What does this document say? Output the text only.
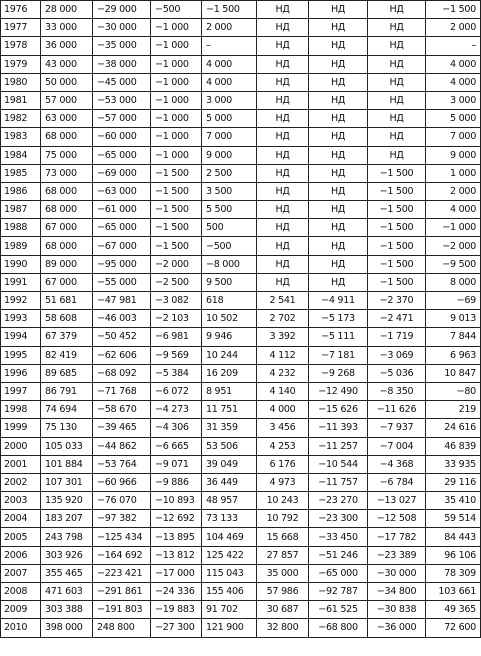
1976	28 000	−29 000	−500	−1 500	НД	НД	НД	−1 500
1977	33 000	−30 000	−1 000	2 000	НД	НД	НД	2 000
1978	36 000	−35 000	−1 000	–	НД	НД	НД	–
1979	43 000	−38 000	−1 000	4 000	НД	НД	НД	4 000
1980	50 000	−45 000	−1 000	4 000	НД	НД	НД	4 000
1981	57 000	−53 000	−1 000	3 000	НД	НД	НД	3 000
1982	63 000	−57 000	−1 000	5 000	НД	НД	НД	5 000
1983	68 000	−60 000	−1 000	7 000	НД	НД	НД	7 000
1984	75 000	−65 000	−1 000	9 000	НД	НД	НД	9 000
1985	73 000	−69 000	−1 500	2 500	НД	НД	−1 500	1 000
1986	68 000	−63 000	−1 500	3 500	НД	НД	−1 500	2 000
1987	68 000	−61 000	−1 500	5 500	НД	НД	−1 500	4 000
1988	67 000	−65 000	−1 500	500	НД	НД	−1 500	−1 000
1989	68 000	−67 000	−1 500	−500	НД	НД	−1 500	−2 000
1990	89 000	−95 000	−2 000	−8 000	НД	НД	−1 500	−9 500
1991	67 000	−55 000	−2 500	9 500	НД	НД	−1 500	8 000
1992	51 681	−47 981	−3 082	618	2 541	−4 911	−2 370	−69
1993	58 608	−46 003	−2 103	10 502	2 702	−5 173	−2 471	9 013
1994	67 379	−50 452	−6 981	9 946	3 392	−5 111	−1 719	7 844
1995	82 419	−62 606	−9 569	10 244	4 112	−7 181	−3 069	6 963
1996	89 685	−68 092	−5 384	16 209	4 232	−9 268	−5 036	10 847
1997	86 791	−71 768	−6 072	8 951	4 140	−12 490	−8 350	−80
1998	74 694	−58 670	−4 273	11 751	4 000	−15 626	−11 626	219
1999	75 130	−39 465	−4 306	31 359	3 456	−11 393	−7 937	24 616
2000	105 033	−44 862	−6 665	53 506	4 253	−11 257	−7 004	46 839
2001	101 884	−53 764	−9 071	39 049	6 176	−10 544	−4 368	33 935
2002	107 301	−60 966	−9 886	36 449	4 973	−11 757	−6 784	29 116
2003	135 920	−76 070	−10 893	48 957	10 243	−23 270	−13 027	35 410
2004	183 207	−97 382	−12 692	73 133	10 792	−23 300	−12 508	59 514
2005	243 798	−125 434	−13 895	104 469	15 668	−33 450	−17 782	84 443
2006	303 926	−164 692	−13 812	125 422	27 857	−51 246	−23 389	96 106
2007	355 465	−223 421	−17 000	115 043	35 000	−65 000	−30 000	78 309
2008	471 603	−291 861	−24 336	155 406	57 986	−92 787	−34 800	103 661
2009	303 388	−191 803	−19 883	91 702	30 687	−61 525	−30 838	49 365
2010	398 000	248 800	−27 300	121 900	32 800	−68 800	−36 000	72 600
